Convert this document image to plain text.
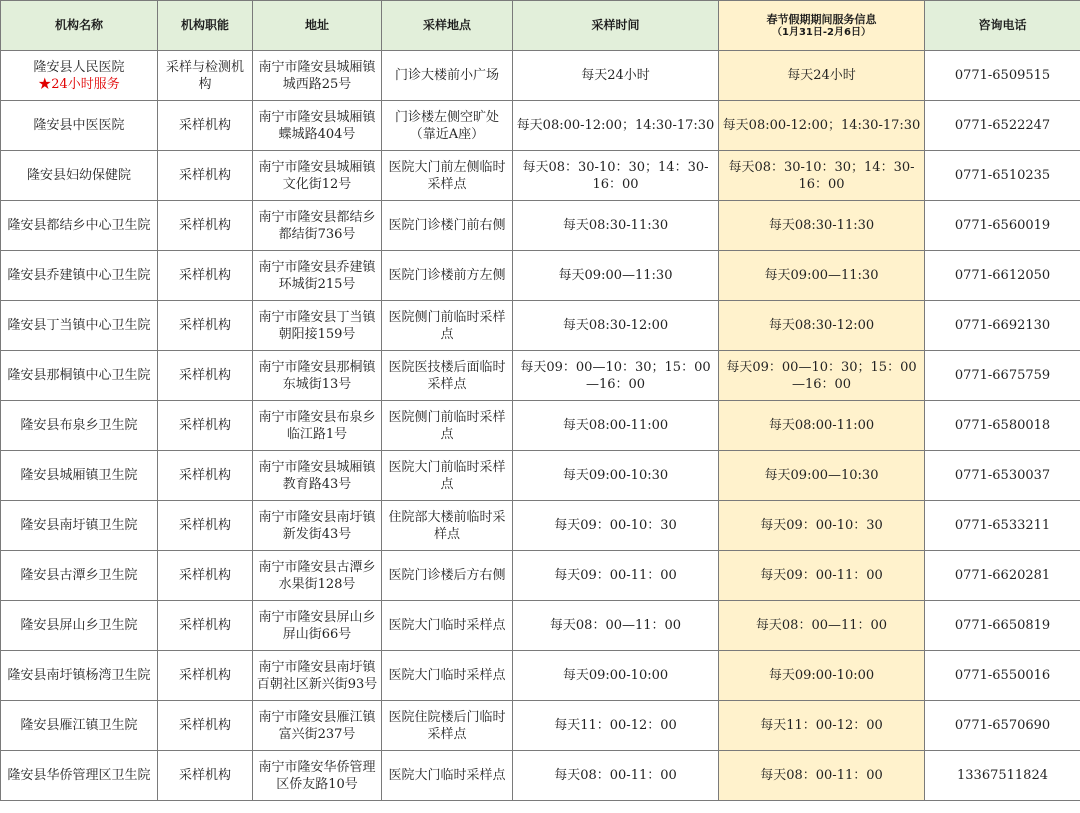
机构名称	机构职能	地址	采样地点	采样时间	春节假期期间服务信息
（1月31日-2月6日）	咨询电话

隆安县人民医院
★24小时服务	采样与检测机构	南宁市隆安县城厢镇城西路25号	门诊大楼前小广场	每天24小时	每天24小时	0771-6509515

隆安县中医医院	采样机构	南宁市隆安县城厢镇蝶城路404号	门诊楼左侧空旷处（靠近A座）	每天08:00-12:00；14:30-17:30	每天08:00-12:00；14:30-17:30	0771-6522247

隆安县妇幼保健院	采样机构	南宁市隆安县城厢镇文化街12号	医院大门前左侧临时采样点	每天08：30-10：30；14：30-16：00	每天08：30-10：30；14：30-16：00	0771-6510235

隆安县都结乡中心卫生院	采样机构	南宁市隆安县都结乡都结街736号	医院门诊楼门前右侧	每天08:30-11:30	每天08:30-11:30	0771-6560019

隆安县乔建镇中心卫生院	采样机构	南宁市隆安县乔建镇环城街215号	医院门诊楼前方左侧	每天09:00—11:30	每天09:00—11:30	0771-6612050

隆安县丁当镇中心卫生院	采样机构	南宁市隆安县丁当镇朝阳接159号	医院侧门前临时采样点	每天08:30-12:00	每天08:30-12:00	0771-6692130

隆安县那桐镇中心卫生院	采样机构	南宁市隆安县那桐镇东城街13号	医院医技楼后面临时采样点	每天09：00—10：30；15：00—16：00	每天09：00—10：30；15：00—16：00	0771-6675759

隆安县布泉乡卫生院	采样机构	南宁市隆安县布泉乡临江路1号	医院侧门前临时采样点	每天08:00-11:00	每天08:00-11:00	0771-6580018

隆安县城厢镇卫生院	采样机构	南宁市隆安县城厢镇教育路43号	医院大门前临时采样点	每天09:00-10:30	每天09:00—10:30	0771-6530037

隆安县南圩镇卫生院	采样机构	南宁市隆安县南圩镇新发街43号	住院部大楼前临时采样点	每天09：00-10：30	每天09：00-10：30	0771-6533211

隆安县古潭乡卫生院	采样机构	南宁市隆安县古潭乡水果街128号	医院门诊楼后方右侧	每天09：00-11：00	每天09：00-11：00	0771-6620281

隆安县屏山乡卫生院	采样机构	南宁市隆安县屏山乡屏山街66号	医院大门临时采样点	每天08：00—11：00	每天08：00—11：00	0771-6650819

隆安县南圩镇杨湾卫生院	采样机构	南宁市隆安县南圩镇百朝社区新兴街93号	医院大门临时采样点	每天09:00-10:00	每天09:00-10:00	0771-6550016

隆安县雁江镇卫生院	采样机构	南宁市隆安县雁江镇富兴街237号	医院住院楼后门临时采样点	每天11：00-12：00	每天11：00-12：00	0771-6570690

隆安县华侨管理区卫生院	采样机构	南宁市隆安华侨管理区侨友路10号	医院大门临时采样点	每天08：00-11：00	每天08：00-11：00	13367511824
